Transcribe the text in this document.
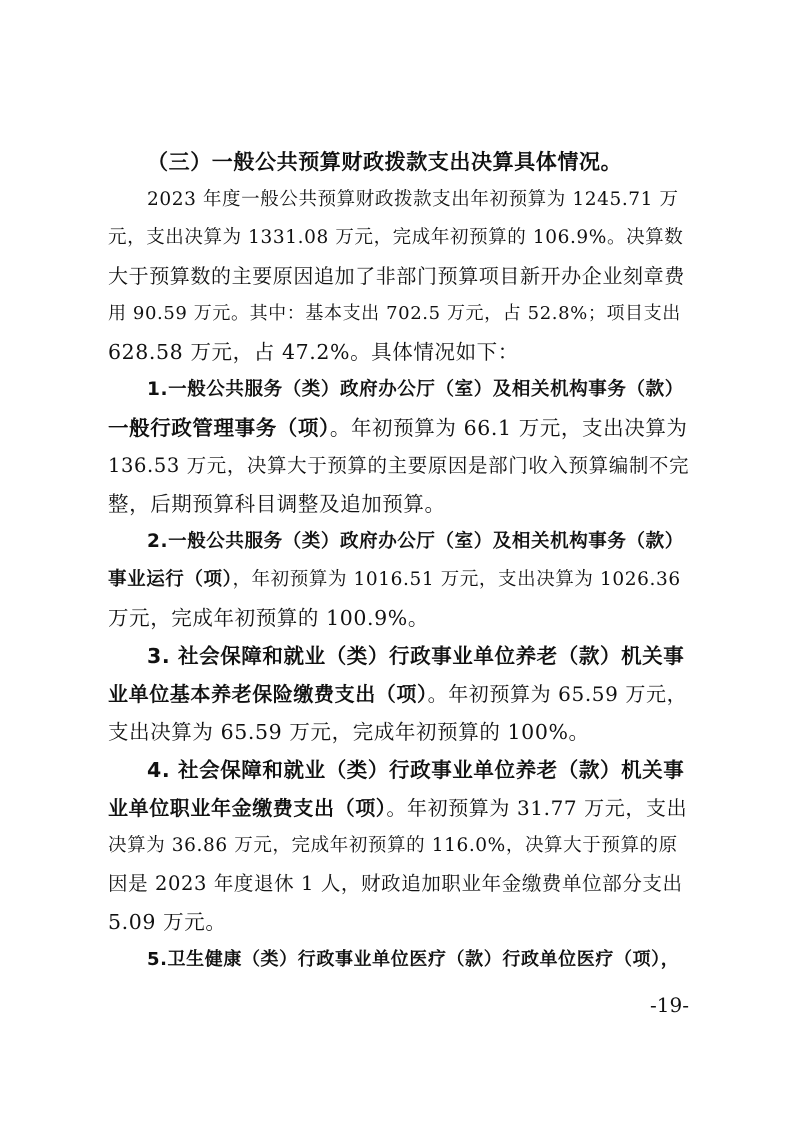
（三）一般公共预算财政拨款支出决算具体情况。
2023 年度一般公共预算财政拨款支出年初预算为 1245.71 万
元，支出决算为 1331.08 万元，完成年初预算的 106.9%。决算数
大于预算数的主要原因追加了非部门预算项目新开办企业刻章费
用 90.59 万元。其中：基本支出 702.5 万元，占 52.8%；项目支出
628.58 万元，占 47.2%。具体情况如下：
1.一般公共服务（类）政府办公厅（室）及相关机构事务（款）
一般行政管理事务（项）。年初预算为 66.1 万元，支出决算为
136.53 万元，决算大于预算的主要原因是部门收入预算编制不完
整，后期预算科目调整及追加预算。
2.一般公共服务（类）政府办公厅（室）及相关机构事务（款）
事业运行（项），年初预算为 1016.51 万元，支出决算为 1026.36
万元，完成年初预算的 100.9%。
3. 社会保障和就业（类）行政事业单位养老（款）机关事
业单位基本养老保险缴费支出（项）。年初预算为 65.59 万元，
支出决算为 65.59 万元，完成年初预算的 100%。
4. 社会保障和就业（类）行政事业单位养老（款）机关事
业单位职业年金缴费支出（项）。年初预算为 31.77 万元，支出
决算为 36.86 万元，完成年初预算的 116.0%，决算大于预算的原
因是 2023 年度退休 1 人，财政追加职业年金缴费单位部分支出
5.09 万元。
5.卫生健康（类）行政事业单位医疗（款）行政单位医疗（项），
-19-
